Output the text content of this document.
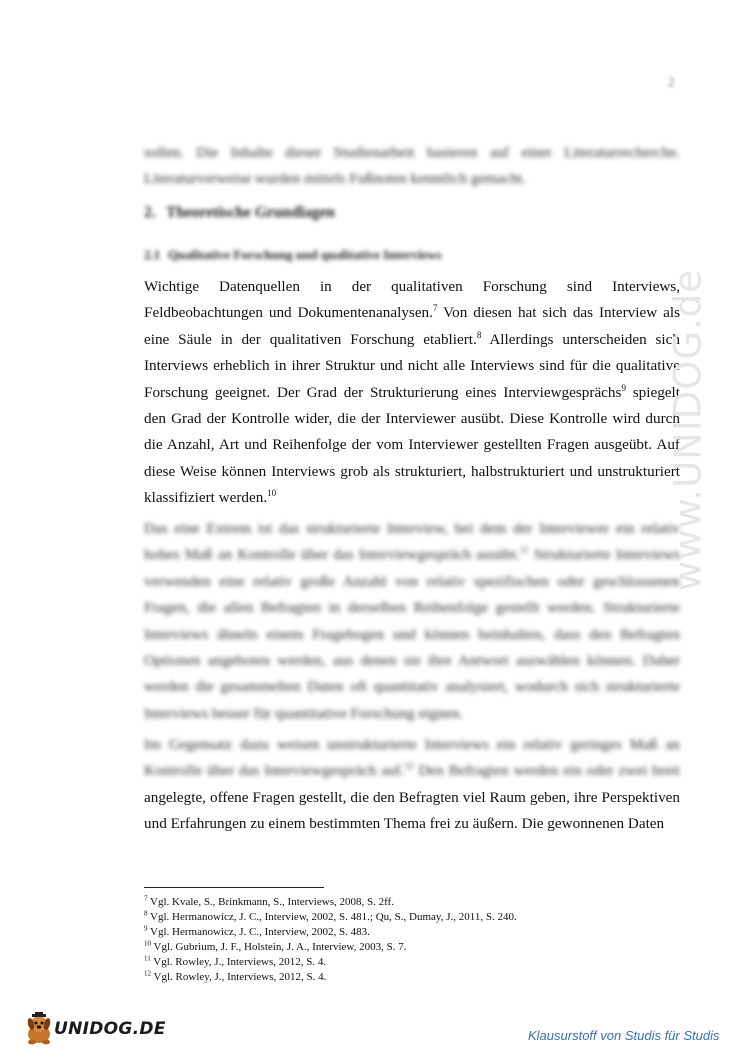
2

sollen. Die Inhalte dieser Studienarbeit basieren auf einer Literaturrecherche. Literaturverweise wurden mittels Fußnoten kenntlich gemacht.

2. Theoretische Grundlagen
2.1 Qualitative Forschung und qualitative Interviews

Wichtige Datenquellen in der qualitativen Forschung sind Interviews, Feldbeobachtungen und Dokumentenanalysen.$^7$ Von diesen hat sich das Interview als eine Säule in der qualitativen Forschung etabliert.$^8$ Allerdings unterscheiden sich Interviews erheblich in ihrer Struktur und nicht alle Interviews sind für die qualitative Forschung geeignet. Der Grad der Strukturierung eines Interviewgesprächs$^9$ spiegelt den Grad der Kontrolle wider, die der Interviewer ausübt. Diese Kontrolle wird durch die Anzahl, Art und Reihenfolge der vom Interviewer gestellten Fragen ausgeübt. Auf diese Weise können Interviews grob als strukturiert, halbstrukturiert und unstrukturiert klassifiziert werden.$^{10}$

Das eine Extrem ist das strukturierte Interview, bei dem der Interviewer ein relativ hohes Maß an Kontrolle über das Interviewgespräch ausübt.$^{11}$ Strukturierte Interviews verwenden eine relativ große Anzahl von relativ spezifischen oder geschlossenen Fragen, die allen Befragten in derselben Reihenfolge gestellt werden. Strukturierte Interviews ähneln einem Fragebogen und können beinhalten, dass den Befragten Optionen angeboten werden, aus denen sie ihre Antwort auswählen können. Daher werden die gesammelten Daten oft quantitativ analysiert, wodurch sich strukturierte Interviews besser für quantitative Forschung eignen.

Im Gegensatz dazu weisen unstrukturierte Interviews ein relativ geringes Maß an Kontrolle über das Interviewgespräch auf.$^{12}$ Den Befragten werden ein oder zwei breit angelegte, offene Fragen gestellt, die den Befragten viel Raum geben, ihre Perspektiven und Erfahrungen zu einem bestimmten Thema frei zu äußern. Die gewonnenen Daten

$^7$ Vgl. Kvale, S., Brinkmann, S., Interviews, 2008, S. 2ff.
$^8$ Vgl. Hermanowicz, J. C., Interview, 2002, S. 481.; Qu, S., Dumay, J., 2011, S. 240.
$^9$ Vgl. Hermanowicz, J. C., Interview, 2002, S. 483.
$^{10}$ Vgl. Gubrium, J. F., Holstein, J. A., Interview, 2003, S. 7.
$^{11}$ Vgl. Rowley, J., Interviews, 2012, S. 4.
$^{12}$ Vgl. Rowley, J., Interviews, 2012, S. 4.
www.UNIDOG.de
UNIDOG.DE	Klausurstoff von Studis für Studis
